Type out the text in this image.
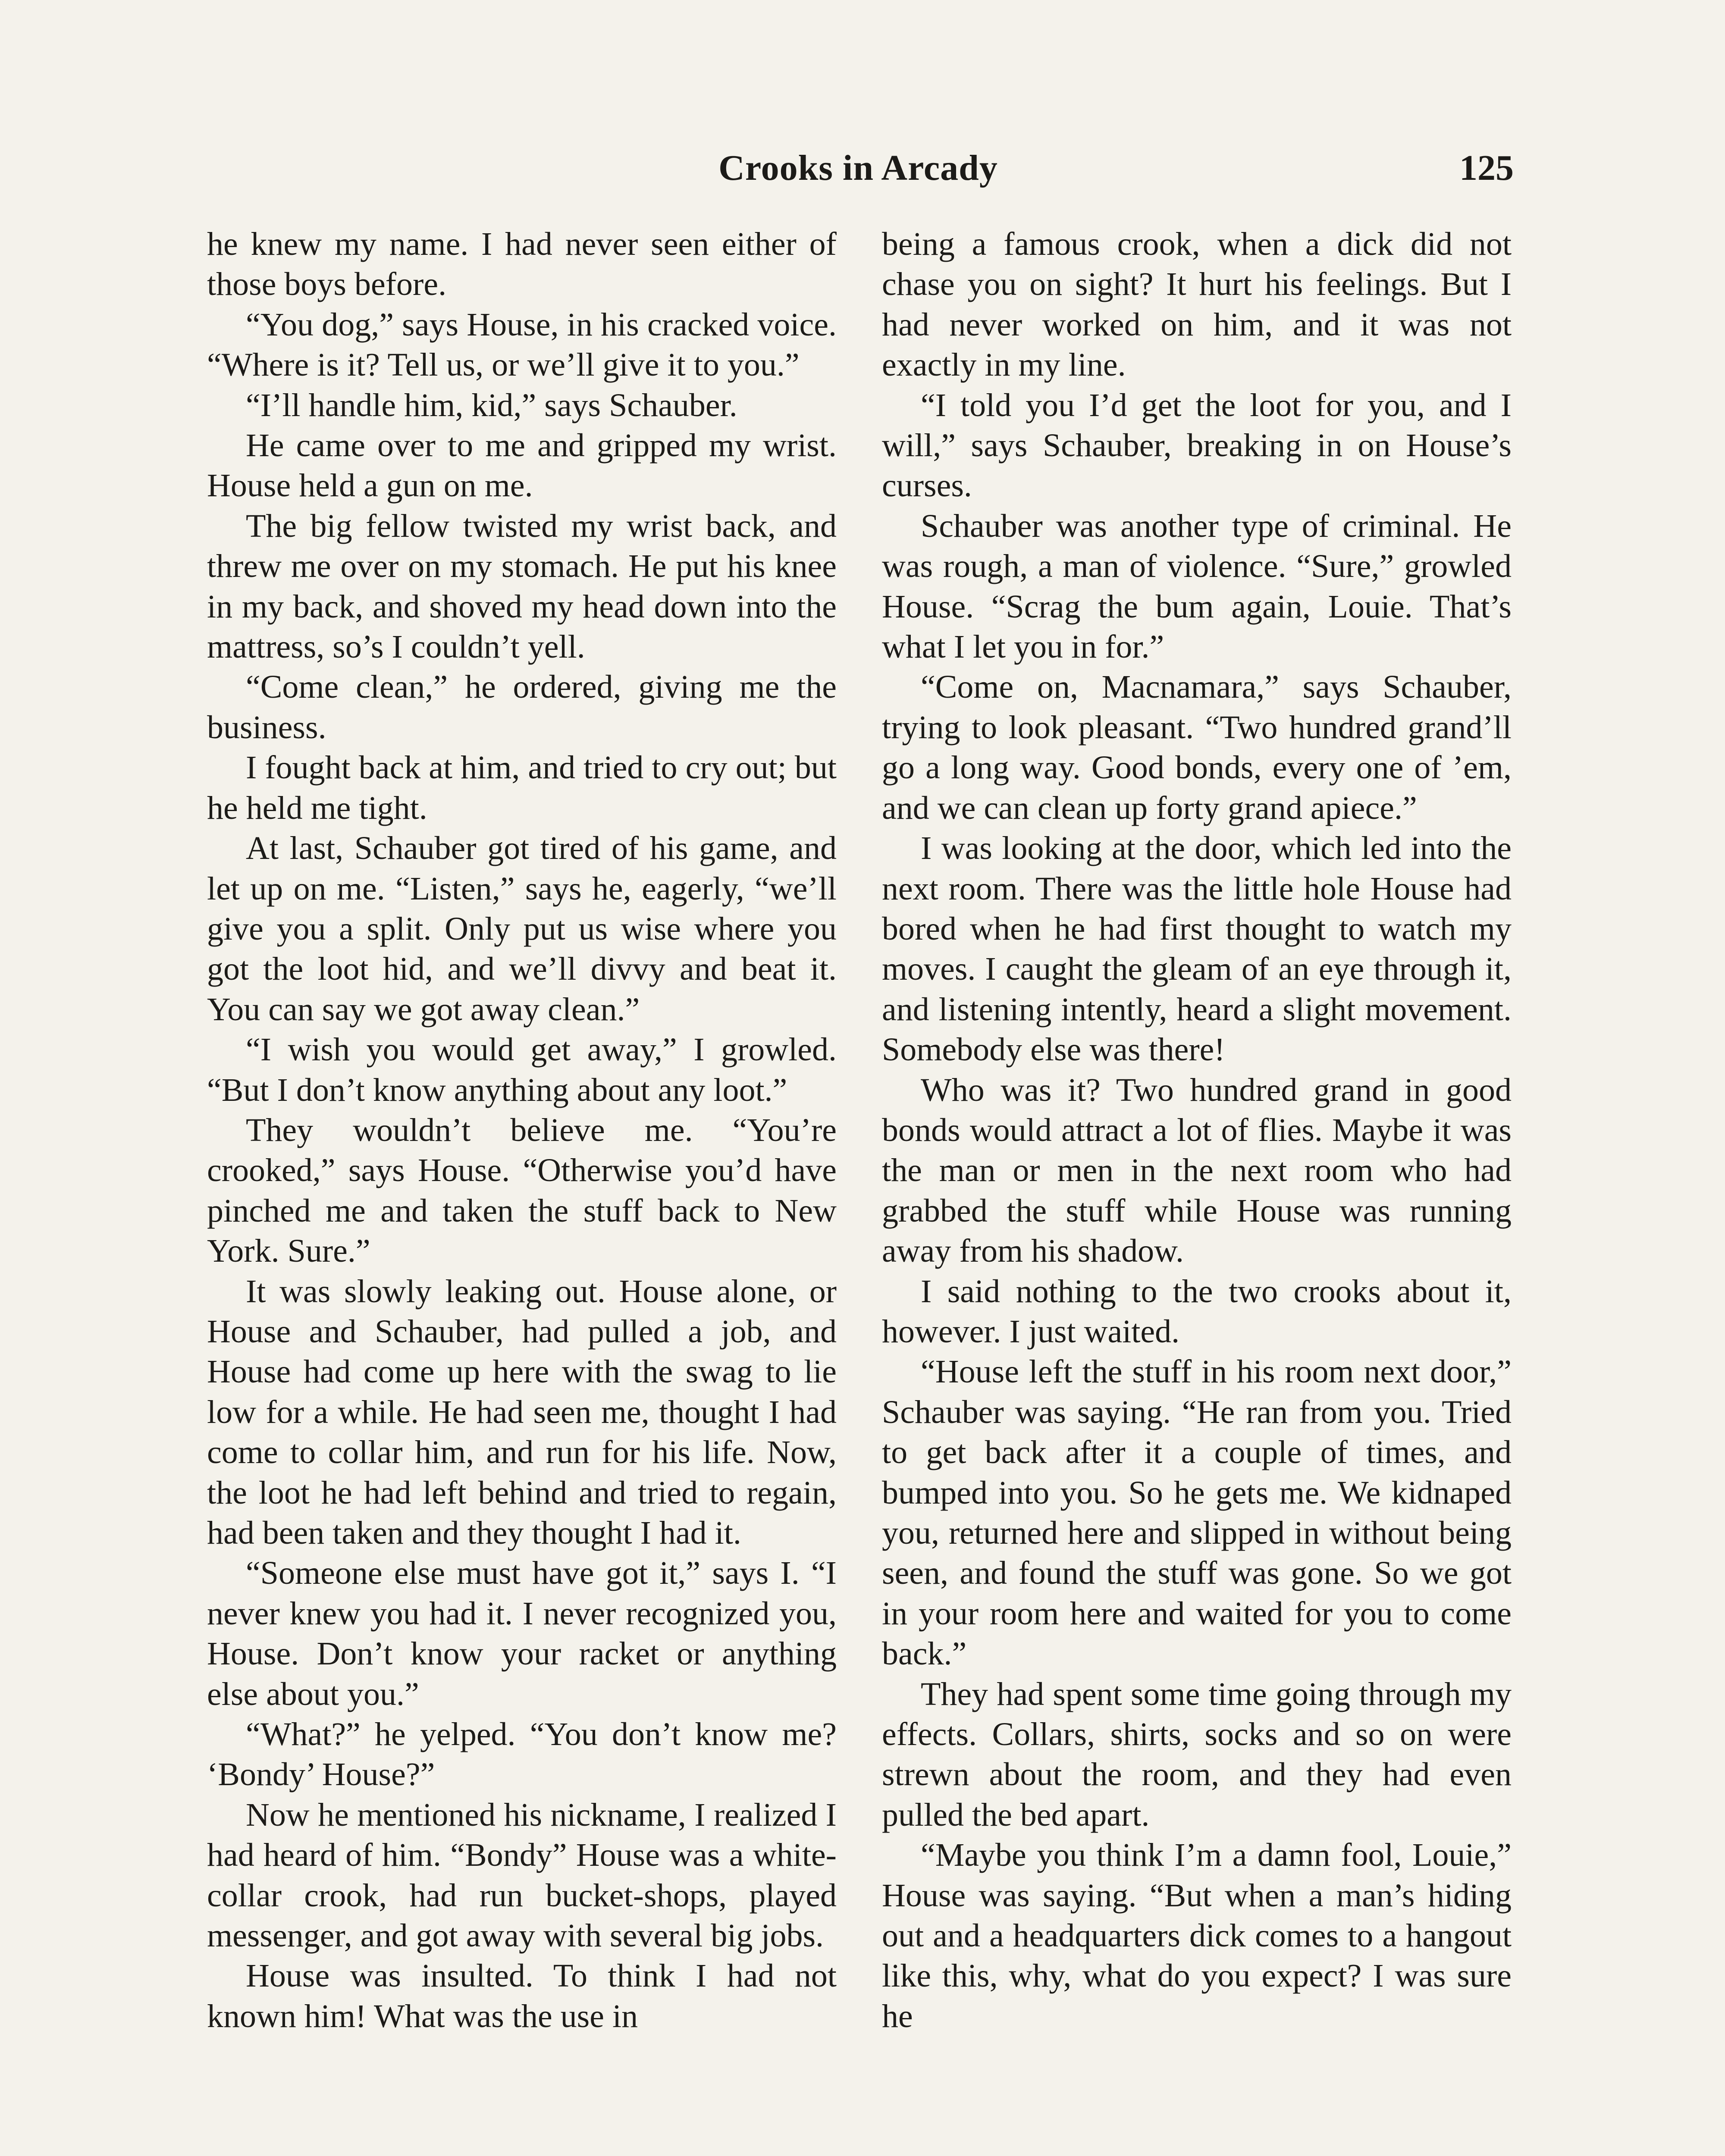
Crooks in Arcady	125

he knew my name. I had never seen either of those boys before.

“You dog,” says House, in his cracked voice. “Where is it? Tell us, or we’ll give it to you.”

“I’ll handle him, kid,” says Schauber.

He came over to me and gripped my wrist. House held a gun on me.

The big fellow twisted my wrist back, and threw me over on my stomach. He put his knee in my back, and shoved my head down into the mattress, so’s I couldn’t yell.

“Come clean,” he ordered, giving me the business.

I fought back at him, and tried to cry out; but he held me tight.

At last, Schauber got tired of his game, and let up on me. “Listen,” says he, eagerly, “we’ll give you a split. Only put us wise where you got the loot hid, and we’ll divvy and beat it. You can say we got away clean.”

“I wish you would get away,” I growled. “But I don’t know anything about any loot.”

They wouldn’t believe me. “You’re crooked,” says House. “Otherwise you’d have pinched me and taken the stuff back to New York. Sure.”

It was slowly leaking out. House alone, or House and Schauber, had pulled a job, and House had come up here with the swag to lie low for a while. He had seen me, thought I had come to collar him, and run for his life. Now, the loot he had left behind and tried to regain, had been taken and they thought I had it.

“Someone else must have got it,” says I. “I never knew you had it. I never recognized you, House. Don’t know your racket or anything else about you.”

“What?” he yelped. “You don’t know me? ‘Bondy’ House?”

Now he mentioned his nickname, I realized I had heard of him. “Bondy” House was a white-collar crook, had run bucket-shops, played messenger, and got away with several big jobs.

House was insulted. To think I had not known him! What was the use in

being a famous crook, when a dick did not chase you on sight? It hurt his feelings. But I had never worked on him, and it was not exactly in my line.

“I told you I’d get the loot for you, and I will,” says Schauber, breaking in on House’s curses.

Schauber was another type of criminal. He was rough, a man of violence. “Sure,” growled House. “Scrag the bum again, Louie. That’s what I let you in for.”

“Come on, Macnamara,” says Schauber, trying to look pleasant. “Two hundred grand’ll go a long way. Good bonds, every one of ’em, and we can clean up forty grand apiece.”

I was looking at the door, which led into the next room. There was the little hole House had bored when he had first thought to watch my moves. I caught the gleam of an eye through it, and listening intently, heard a slight movement. Somebody else was there!

Who was it? Two hundred grand in good bonds would attract a lot of flies. Maybe it was the man or men in the next room who had grabbed the stuff while House was running away from his shadow.

I said nothing to the two crooks about it, however. I just waited.

“House left the stuff in his room next door,” Schauber was saying. “He ran from you. Tried to get back after it a couple of times, and bumped into you. So he gets me. We kidnaped you, returned here and slipped in without being seen, and found the stuff was gone. So we got in your room here and waited for you to come back.”

They had spent some time going through my effects. Collars, shirts, socks and so on were strewn about the room, and they had even pulled the bed apart.

“Maybe you think I’m a damn fool, Louie,” House was saying. “But when a man’s hiding out and a headquarters dick comes to a hangout like this, why, what do you expect? I was sure he
